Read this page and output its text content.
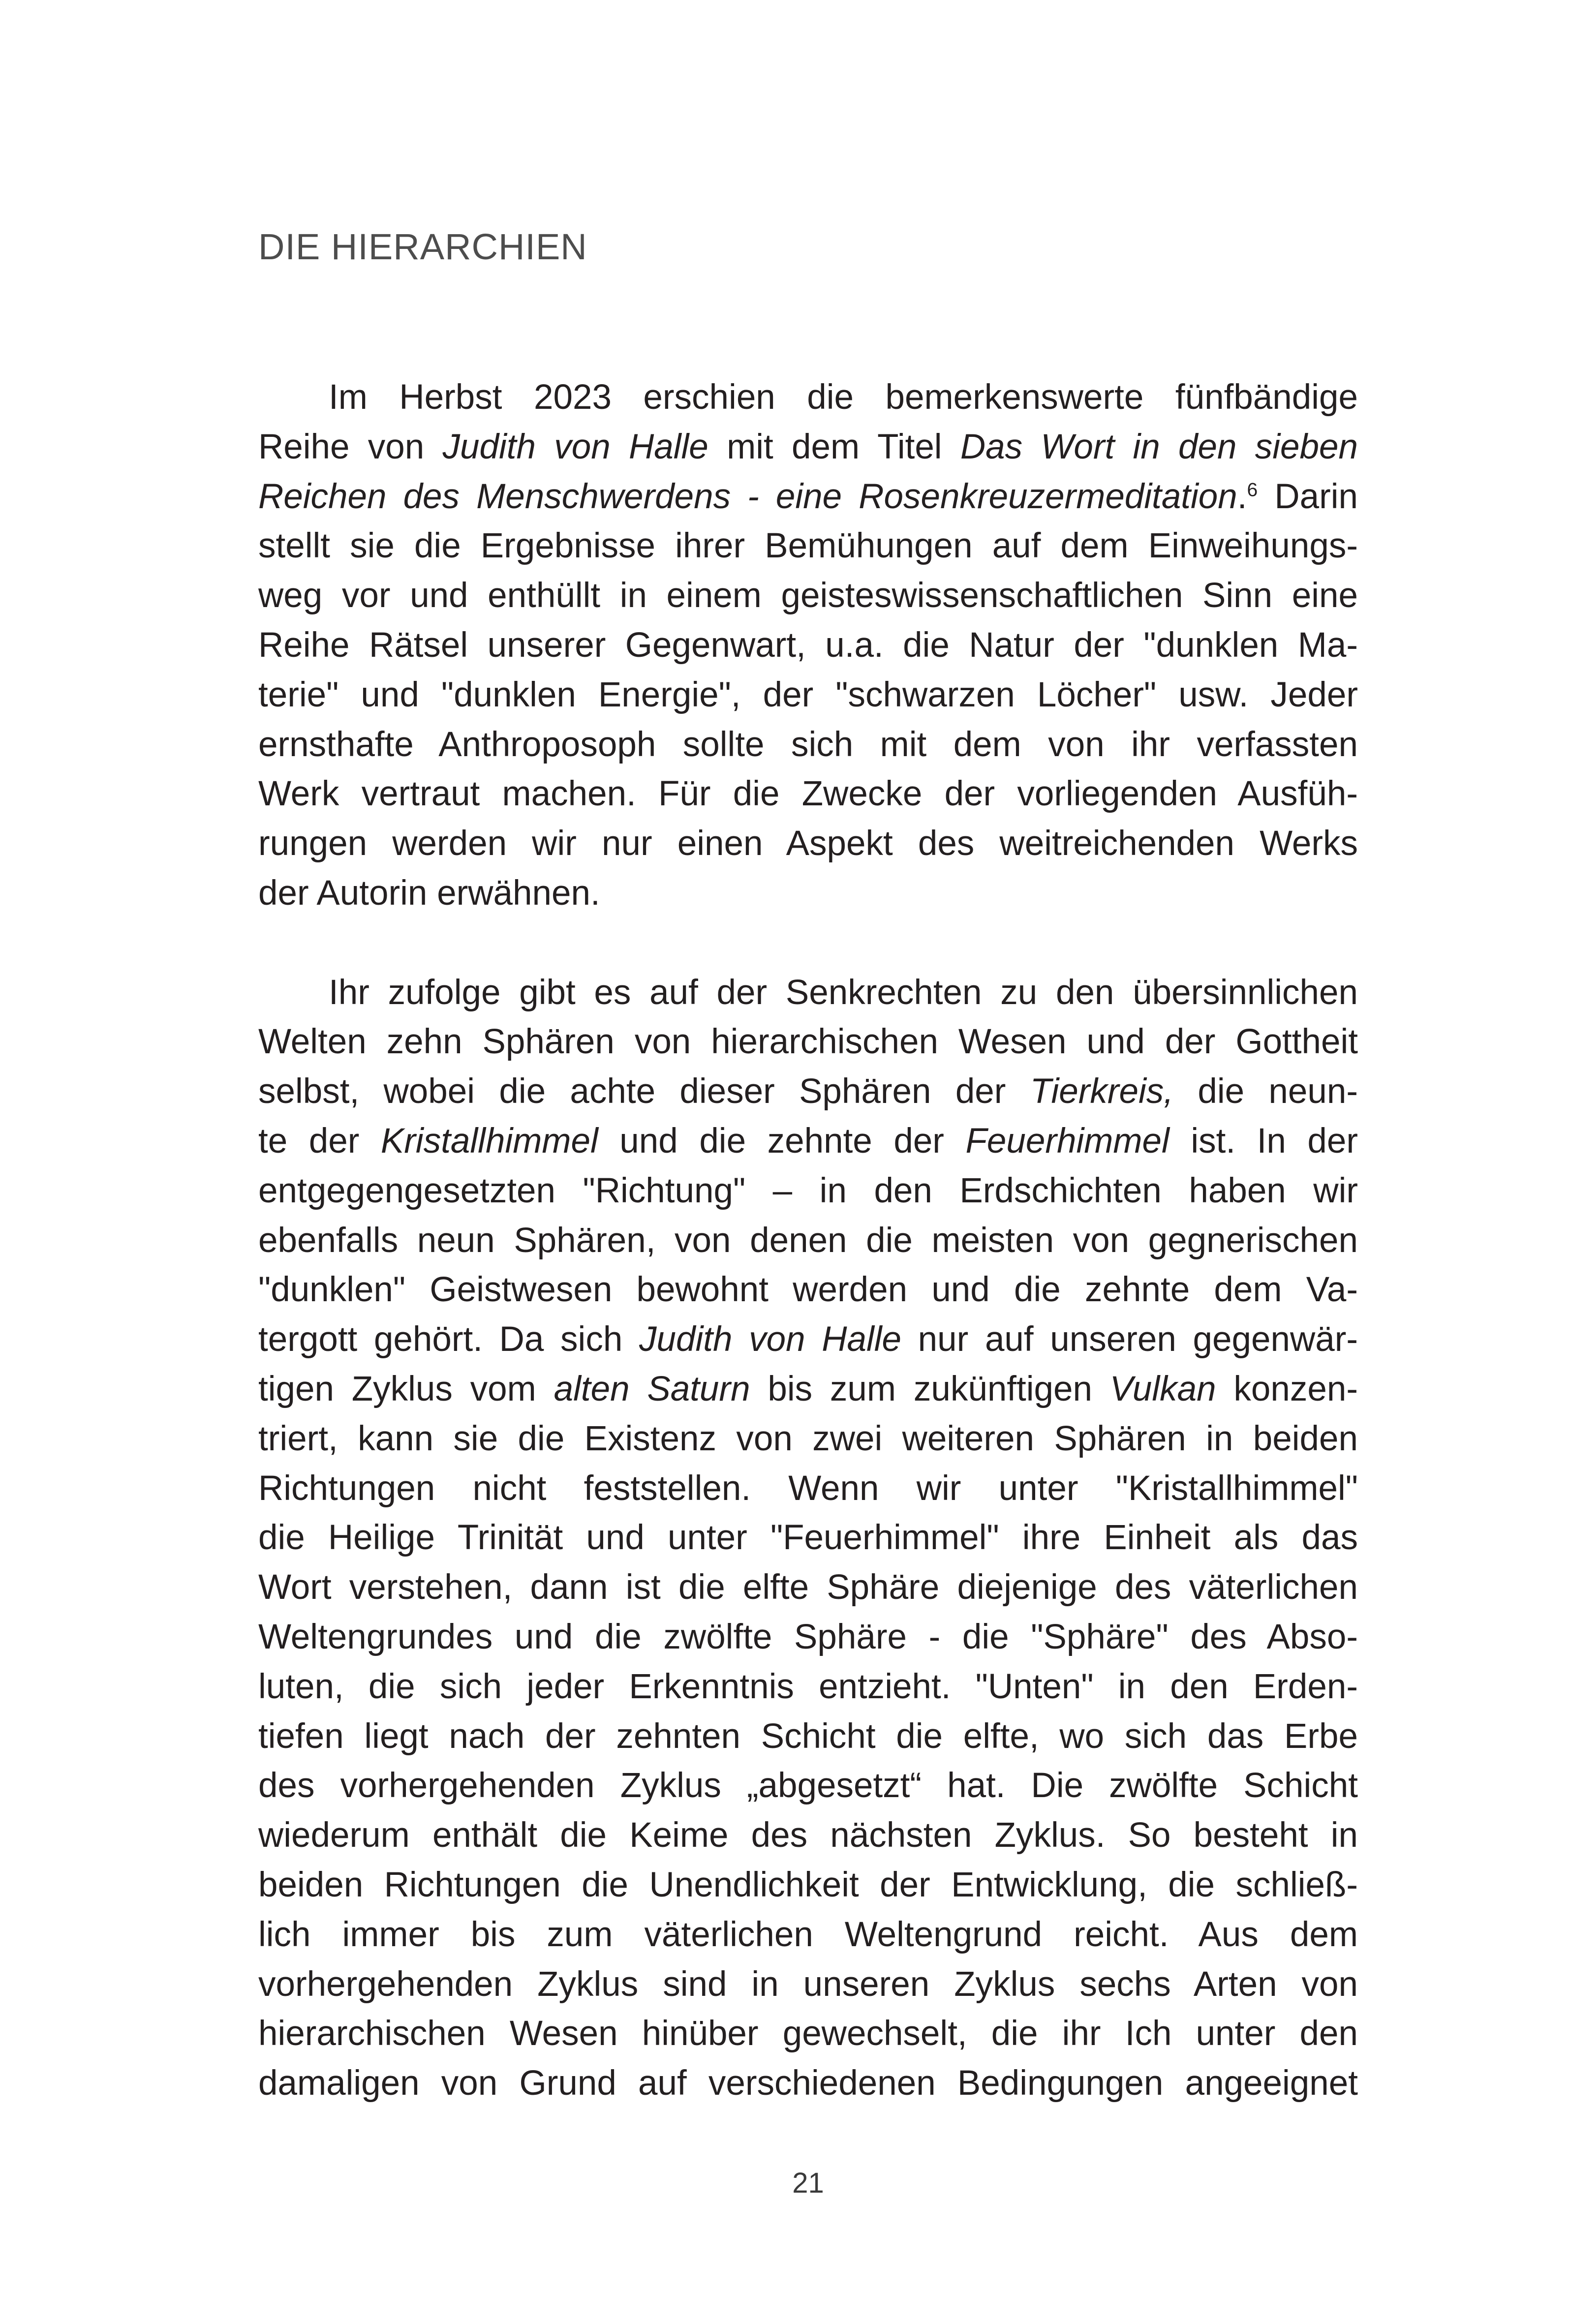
DIE HIERARCHIEN
Im Herbst 2023 erschien die bemerkenswerte fünfbändige
Reihe von Judith von Halle mit dem Titel Das Wort in den sieben
Reichen des Menschwerdens - eine Rosenkreuzermeditation.$^6$ Darin
stellt sie die Ergebnisse ihrer Bemühungen auf dem Einweihungs-
weg vor und enthüllt in einem geisteswissenschaftlichen Sinn eine
Reihe Rätsel unserer Gegenwart, u.a. die Natur der "dunklen Ma-
terie" und "dunklen Energie", der "schwarzen Löcher" usw. Jeder
ernsthafte Anthroposoph sollte sich mit dem von ihr verfassten
Werk vertraut machen. Für die Zwecke der vorliegenden Ausfüh-
rungen werden wir nur einen Aspekt des weitreichenden Werks
der Autorin erwähnen.
Ihr zufolge gibt es auf der Senkrechten zu den übersinnlichen
Welten zehn Sphären von hierarchischen Wesen und der Gottheit
selbst, wobei die achte dieser Sphären der Tierkreis, die neun-
te der Kristallhimmel und die zehnte der Feuerhimmel ist. In der
entgegengesetzten "Richtung" – in den Erdschichten haben wir
ebenfalls neun Sphären, von denen die meisten von gegnerischen
"dunklen" Geistwesen bewohnt werden und die zehnte dem Va-
tergott gehört. Da sich Judith von Halle nur auf unseren gegenwär-
tigen Zyklus vom alten Saturn bis zum zukünftigen Vulkan konzen-
triert, kann sie die Existenz von zwei weiteren Sphären in beiden
Richtungen nicht feststellen. Wenn wir unter "Kristallhimmel"
die Heilige Trinität und unter "Feuerhimmel" ihre Einheit als das
Wort verstehen, dann ist die elfte Sphäre diejenige des väterlichen
Weltengrundes und die zwölfte Sphäre - die "Sphäre" des Abso-
luten, die sich jeder Erkenntnis entzieht. "Unten" in den Erden-
tiefen liegt nach der zehnten Schicht die elfte, wo sich das Erbe
des vorhergehenden Zyklus „abgesetzt“ hat. Die zwölfte Schicht
wiederum enthält die Keime des nächsten Zyklus. So besteht in
beiden Richtungen die Unendlichkeit der Entwicklung, die schließ-
lich immer bis zum väterlichen Weltengrund reicht. Aus dem
vorhergehenden Zyklus sind in unseren Zyklus sechs Arten von
hierarchischen Wesen hinüber gewechselt, die ihr Ich unter den
damaligen von Grund auf verschiedenen Bedingungen angeeignet
21
